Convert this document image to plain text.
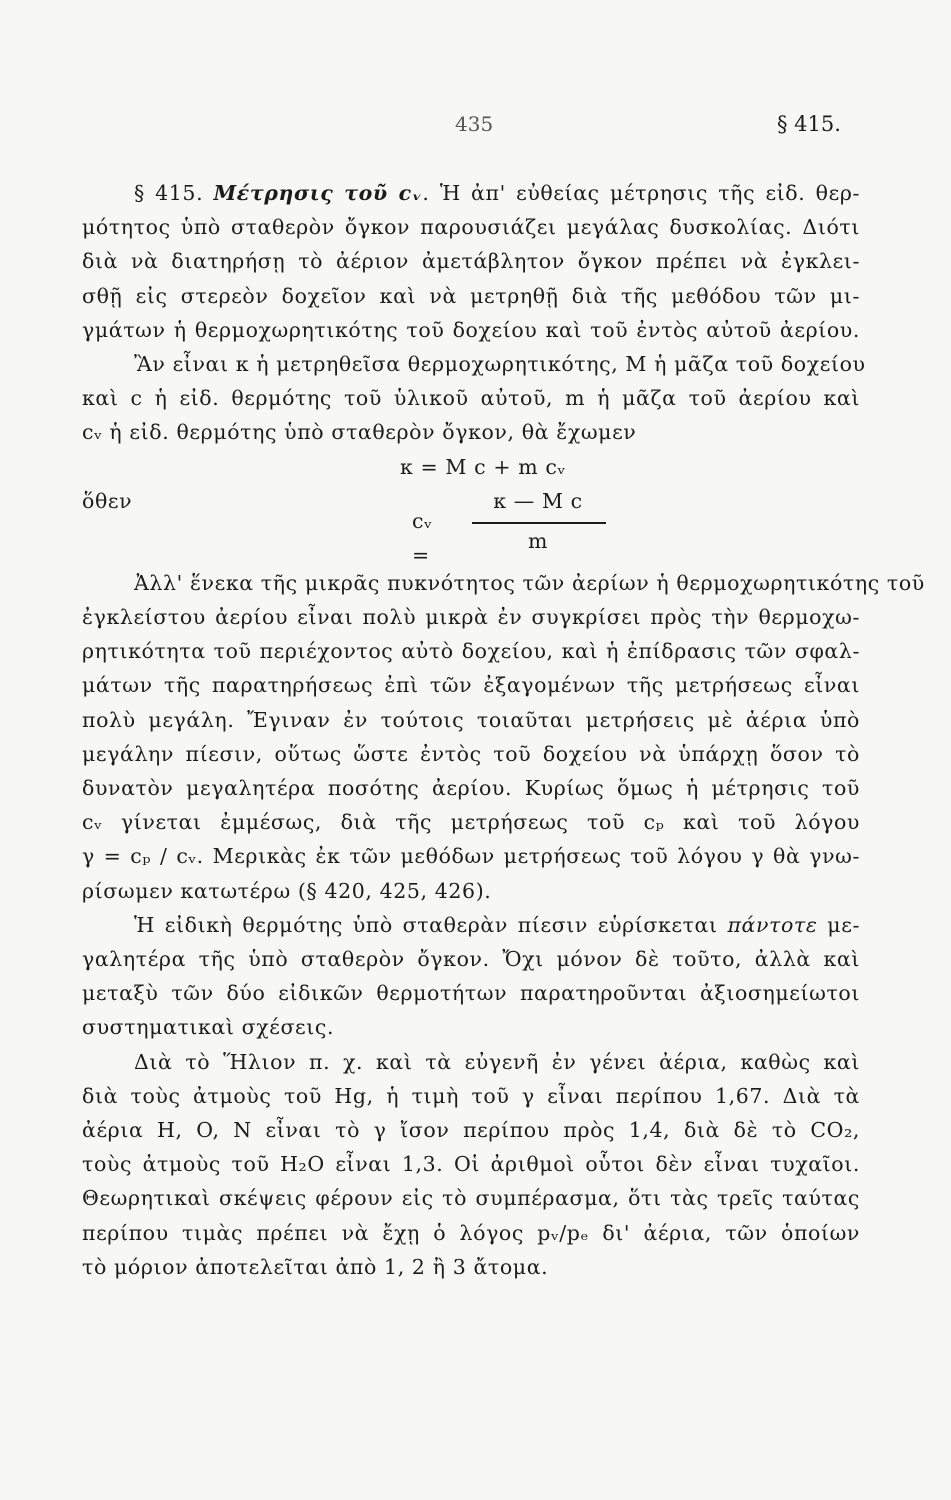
435	§ 415.
§ 415. Μέτρησις τοῦ cᵥ. Ἡ ἀπ' εὐθείας μέτρησις τῆς εἰδ. θερ-
μότητος ὑπὸ σταθερὸν ὄγκον παρουσιάζει μεγάλας δυσκολίας. Διότι
διὰ νὰ διατηρήσῃ τὸ ἀέριον ἀμετάβλητον ὄγκον πρέπει νὰ ἐγκλει-
σθῇ εἰς στερεὸν δοχεῖον καὶ νὰ μετρηθῇ διὰ τῆς μεθόδου τῶν μι-
γμάτων ἡ θερμοχωρητικότης τοῦ δοχείου καὶ τοῦ ἐντὸς αὐτοῦ ἀερίου.
Ἂν εἶναι κ ἡ μετρηθεῖσα θερμοχωρητικότης, Μ ἡ μᾶζα τοῦ δοχείου
καὶ c ἡ εἰδ. θερμότης τοῦ ὑλικοῦ αὐτοῦ, m ἡ μᾶζα τοῦ ἀερίου καὶ
cᵥ ἡ εἰδ. θερμότης ὑπὸ σταθερὸν ὄγκον, θὰ ἔχωμεν
κ = M c + m cᵥ
ὅθεν
cᵥ =
κ — M c
m
Ἀλλ' ἕνεκα τῆς μικρᾶς πυκνότητος τῶν ἀερίων ἡ θερμοχωρητικότης τοῦ
ἐγκλείστου ἀερίου εἶναι πολὺ μικρὰ ἐν συγκρίσει πρὸς τὴν θερμοχω-
ρητικότητα τοῦ περιέχοντος αὐτὸ δοχείου, καὶ ἡ ἐπίδρασις τῶν σφαλ-
μάτων τῆς παρατηρήσεως ἐπὶ τῶν ἐξαγομένων τῆς μετρήσεως εἶναι
πολὺ μεγάλη. Ἔγιναν ἐν τούτοις τοιαῦται μετρήσεις μὲ ἀέρια ὑπὸ
μεγάλην πίεσιν, οὕτως ὥστε ἐντὸς τοῦ δοχείου νὰ ὑπάρχῃ ὅσον τὸ
δυνατὸν μεγαλητέρα ποσότης ἀερίου. Κυρίως ὅμως ἡ μέτρησις τοῦ
cᵥ γίνεται ἐμμέσως, διὰ τῆς μετρήσεως τοῦ cₚ καὶ τοῦ λόγου
γ = cₚ / cᵥ. Μερικὰς ἐκ τῶν μεθόδων μετρήσεως τοῦ λόγου γ θὰ γνω-
ρίσωμεν κατωτέρω (§ 420, 425, 426).
Ἡ εἰδικὴ θερμότης ὑπὸ σταθερὰν πίεσιν εὑρίσκεται πάντοτε με-
γαλητέρα τῆς ὑπὸ σταθερὸν ὄγκον. Ὄχι μόνον δὲ τοῦτο, ἀλλὰ καὶ
μεταξὺ τῶν δύο εἰδικῶν θερμοτήτων παρατηροῦνται ἀξιοσημείωτοι
συστηματικαὶ σχέσεις.
Διὰ τὸ Ἥλιον π. χ. καὶ τὰ εὐγενῆ ἐν γένει ἀέρια, καθὼς καὶ
διὰ τοὺς ἀτμοὺς τοῦ Hg, ἡ τιμὴ τοῦ γ εἶναι περίπου 1,67. Διὰ τὰ
ἀέρια H, O, N εἶναι τὸ γ ἴσον περίπου πρὸς 1,4, διὰ δὲ τὸ CO₂,
τοὺς ἀτμοὺς τοῦ H₂O εἶναι 1,3. Οἱ ἀριθμοὶ οὗτοι δὲν εἶναι τυχαῖοι.
Θεωρητικαὶ σκέψεις φέρουν εἰς τὸ συμπέρασμα, ὅτι τὰς τρεῖς ταύτας
περίπου τιμὰς πρέπει νὰ ἔχῃ ὁ λόγος pᵥ/pₑ δι' ἀέρια, τῶν ὁποίων
τὸ μόριον ἀποτελεῖται ἀπὸ 1, 2 ἢ 3 ἄτομα.
